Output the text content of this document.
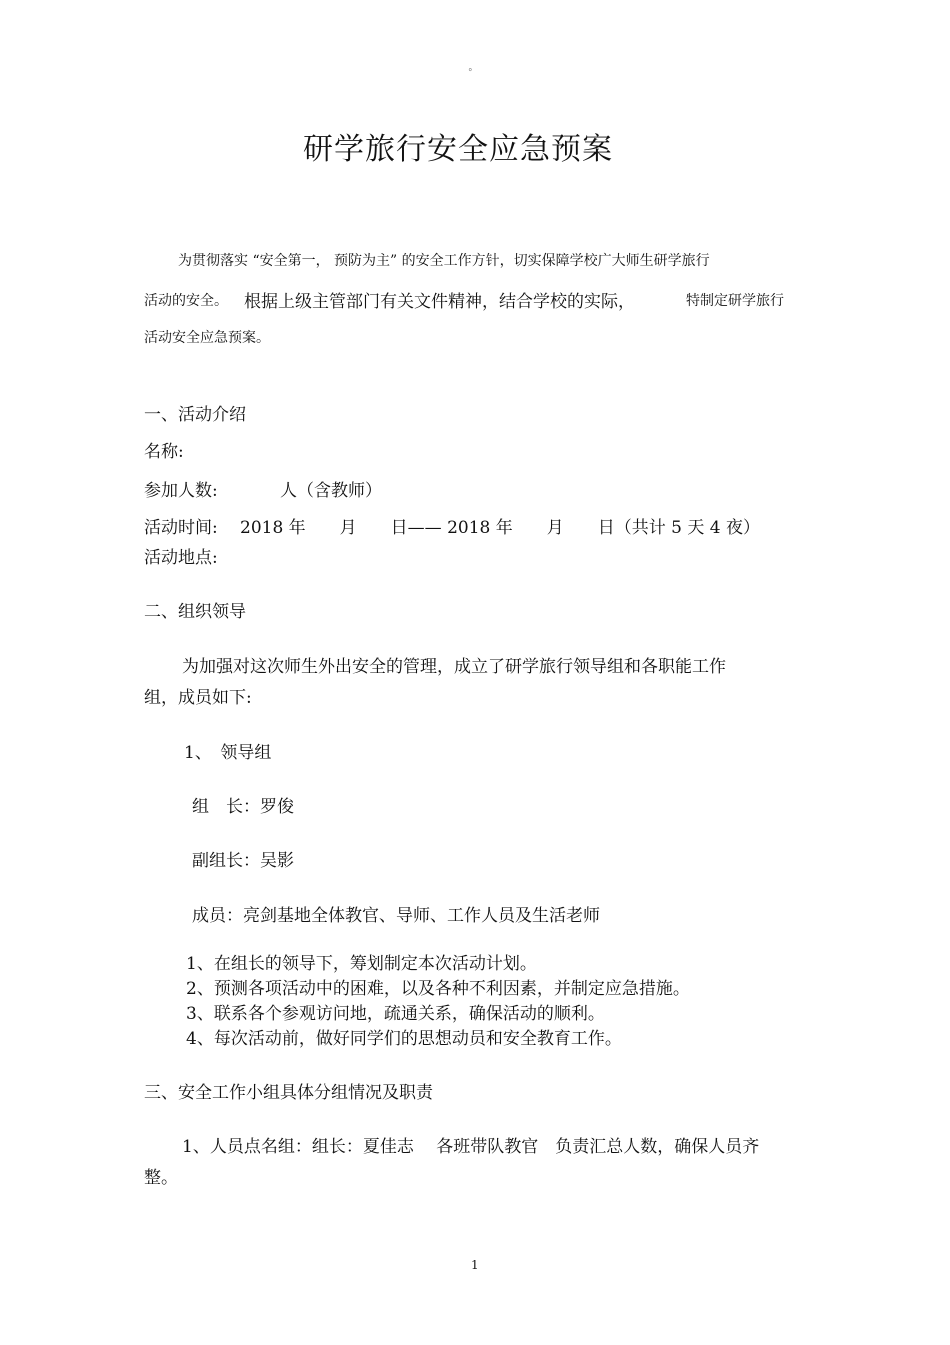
°
研学旅行安全应急预案
为贯彻落实 “安全第一， 预防为主” 的安全工作方针，切实保障学校广大师生研学旅行
活动的安全。 根据上级主管部门有关文件精神，结合学校的实际，	特制定研学旅行
活动安全应急预案。
一、活动介绍
名称:
参加人数:	人（含教师）
活动时间: 2018 年　　月　　日—— 2018 年　　月　　日（共计 5 天 4 夜）
活动地点:
二、组织领导
为加强对这次师生外出安全的管理，成立了研学旅行领导组和各职能工作
组，成员如下:
1、　领导组
组　长：罗俊
副组长：吴影
成员：亮剑基地全体教官、导师、工作人员及生活老师
1、在组长的领导下，筹划制定本次活动计划。
2、预测各项活动中的困难，以及各种不利因素，并制定应急措施。
3、联系各个参观访问地，疏通关系，确保活动的顺利。
4、每次活动前，做好同学们的思想动员和安全教育工作。
三、安全工作小组具体分组情况及职责
1、人员点名组：组长：夏佳志　 各班带队教官　负责汇总人数，确保人员齐
整。
1
